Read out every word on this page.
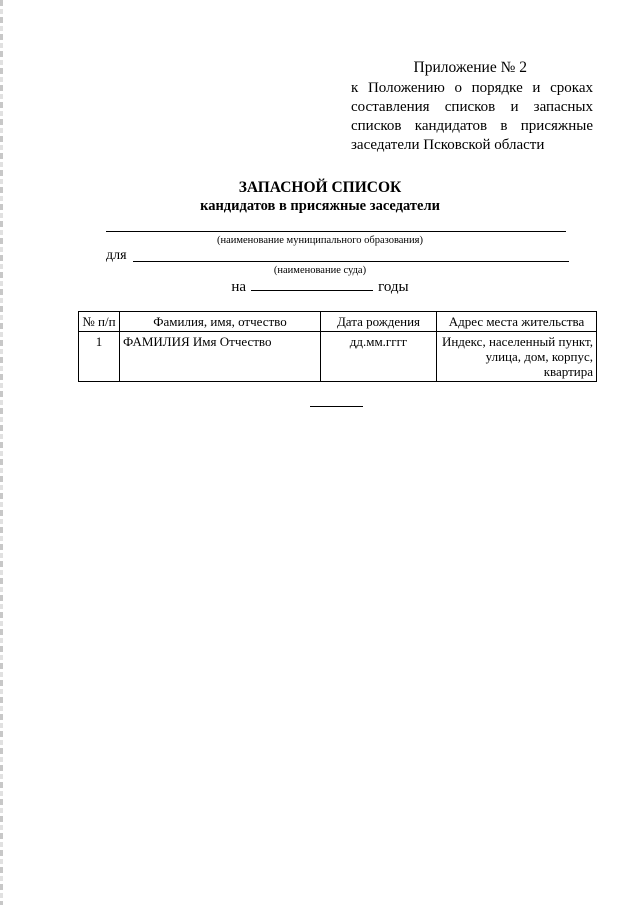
Приложение № 2
к Положению о порядке и сроках составления списков и запасных списков кандидатов в присяжные заседатели Псковской области
ЗАПАСНОЙ СПИСОК
кандидатов в присяжные заседатели
(наименование муниципального образования)
для
(наименование суда)
на	годы
№ п/п	Фамилия, имя, отчество	Дата рождения	Адрес места жительства
1	ФАМИЛИЯ Имя Отчество	дд.мм.гггг	Индекс, населенный пункт,
улица, дом, корпус, квартира
